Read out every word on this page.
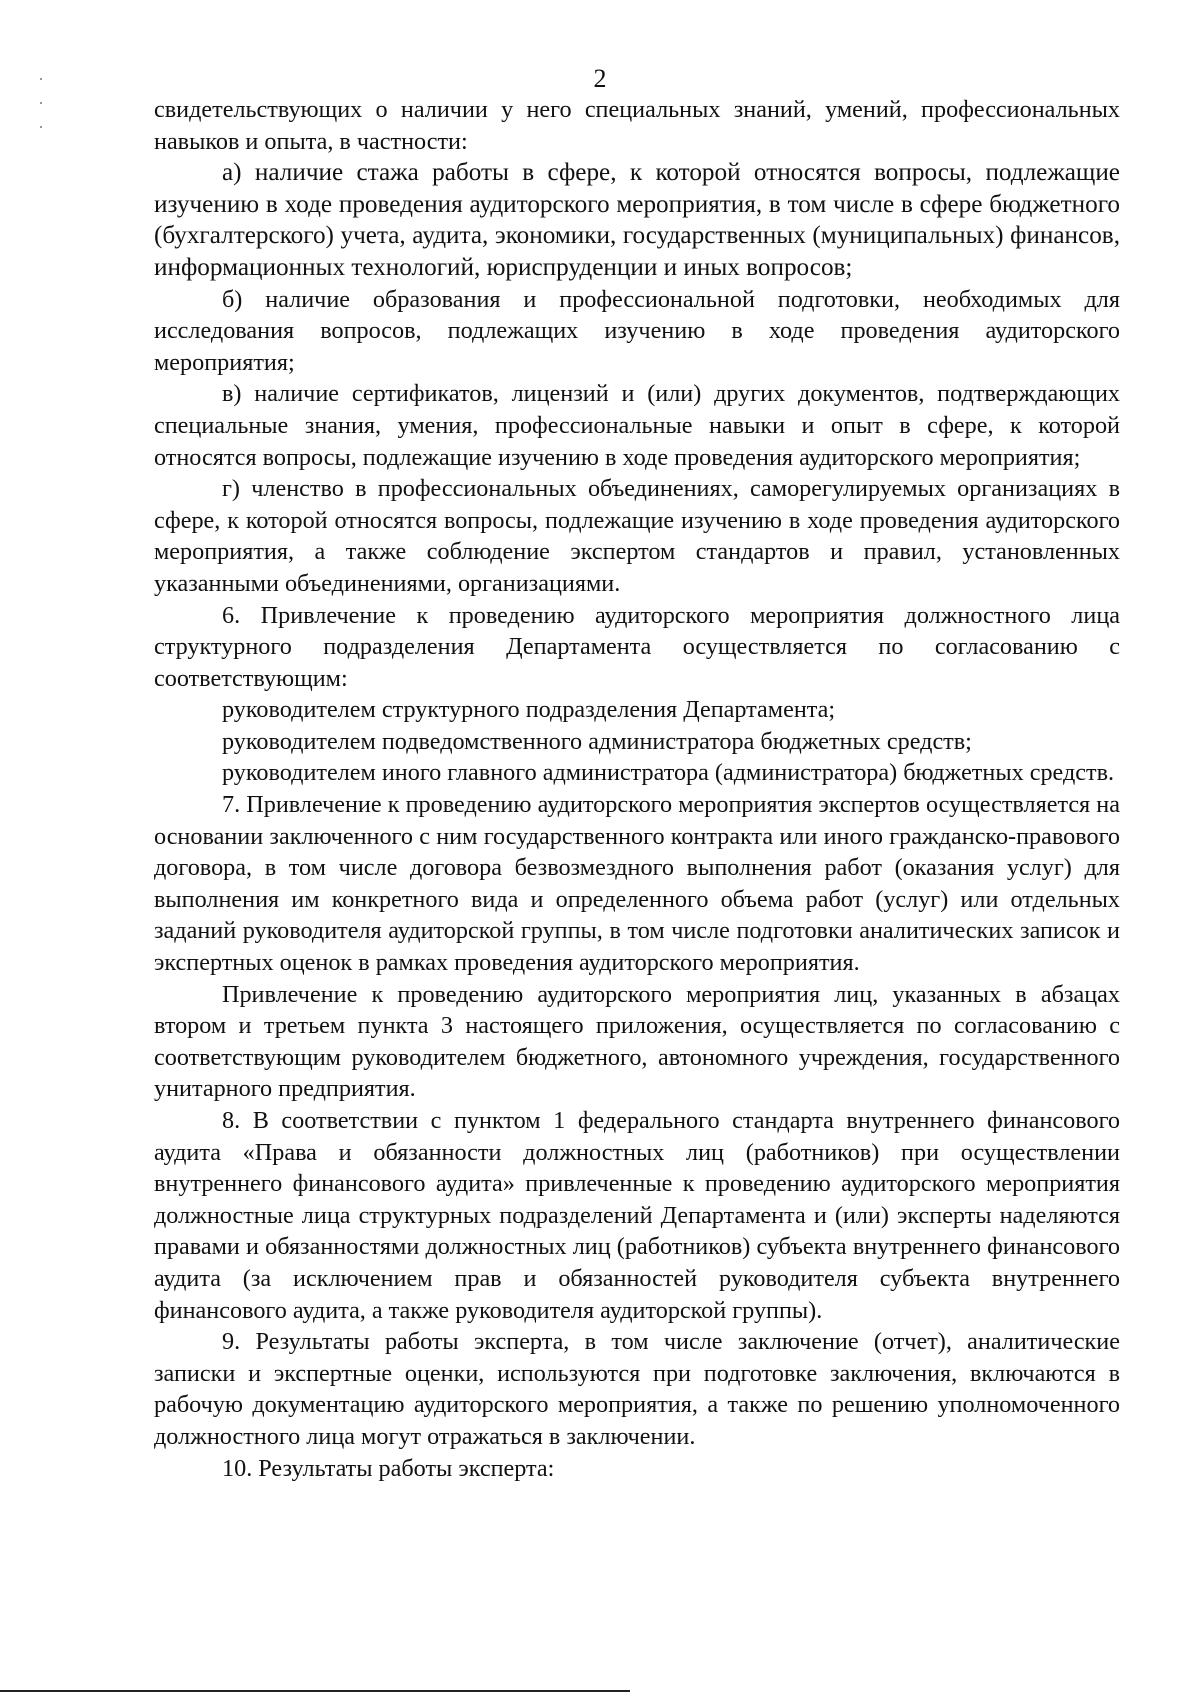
2

свидетельствующих о наличии у него специальных знаний, умений, профессиональных навыков и опыта, в частности:

а) наличие стажа работы в сфере, к которой относятся вопросы, подлежащие изучению в ходе проведения аудиторского мероприятия, в том числе в сфере бюджетного (бухгалтерского) учета, аудита, экономики, государственных (муниципальных) финансов, информационных технологий, юриспруденции и иных вопросов;

б) наличие образования и профессиональной подготовки, необходимых для исследования вопросов, подлежащих изучению в ходе проведения аудиторского мероприятия;

в) наличие сертификатов, лицензий и (или) других документов, подтверждающих специальные знания, умения, профессиональные навыки и опыт в сфере, к которой относятся вопросы, подлежащие изучению в ходе проведения аудиторского мероприятия;

г) членство в профессиональных объединениях, саморегулируемых организациях в сфере, к которой относятся вопросы, подлежащие изучению в ходе проведения аудиторского мероприятия, а также соблюдение экспертом стандартов и правил, установленных указанными объединениями, организациями.

6. Привлечение к проведению аудиторского мероприятия должностного лица структурного подразделения Департамента осуществляется по согласованию с соответствующим:

руководителем структурного подразделения Департамента;

руководителем подведомственного администратора бюджетных средств;

руководителем иного главного администратора (администратора) бюджетных средств.

7. Привлечение к проведению аудиторского мероприятия экспертов осуществляется на основании заключенного с ним государственного контракта или иного гражданско-правового договора, в том числе договора безвозмездного выполнения работ (оказания услуг) для выполнения им конкретного вида и определенного объема работ (услуг) или отдельных заданий руководителя аудиторской группы, в том числе подготовки аналитических записок и экспертных оценок в рамках проведения аудиторского мероприятия.

Привлечение к проведению аудиторского мероприятия лиц, указанных в абзацах втором и третьем пункта 3 настоящего приложения, осуществляется по согласованию с соответствующим руководителем бюджетного, автономного учреждения, государственного унитарного предприятия.

8. В соответствии с пунктом 1 федерального стандарта внутреннего финансового аудита «Права и обязанности должностных лиц (работников) при осуществлении внутреннего финансового аудита» привлеченные к проведению аудиторского мероприятия должностные лица структурных подразделений Департамента и (или) эксперты наделяются правами и обязанностями должностных лиц (работников) субъекта внутреннего финансового аудита (за исключением прав и обязанностей руководителя субъекта внутреннего финансового аудита, а также руководителя аудиторской группы).

9. Результаты работы эксперта, в том числе заключение (отчет), аналитические записки и экспертные оценки, используются при подготовке заключения, включаются в рабочую документацию аудиторского мероприятия, а также по решению уполномоченного должностного лица могут отражаться в заключении.

10. Результаты работы эксперта:
